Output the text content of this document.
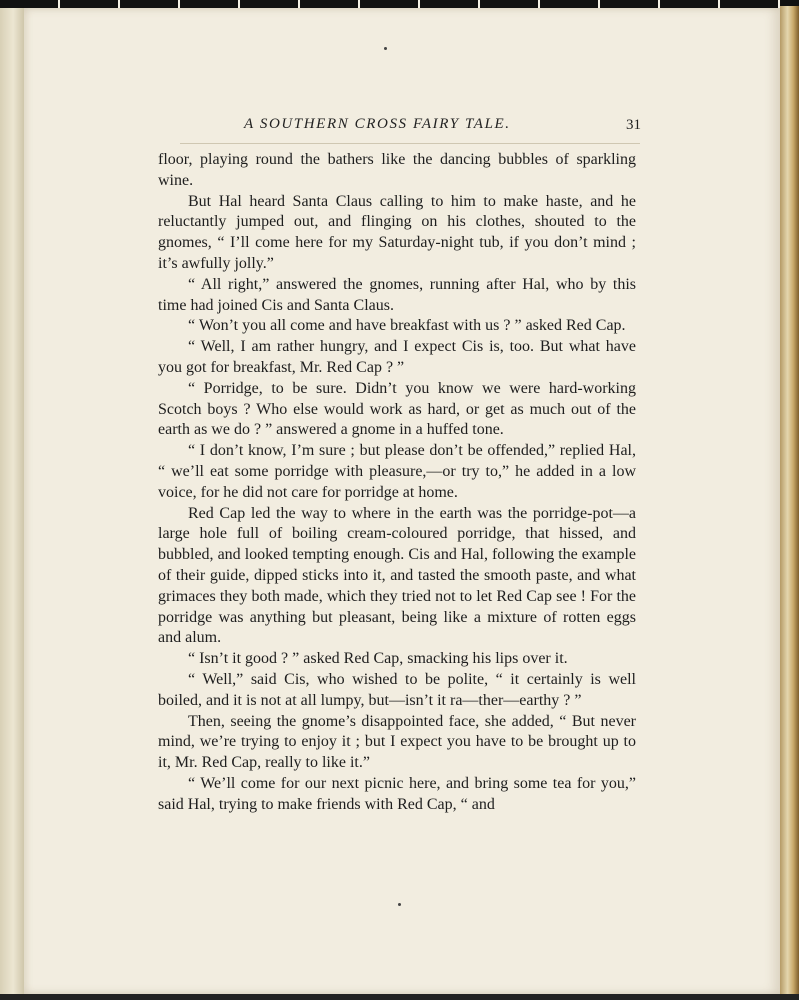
A SOUTHERN CROSS FAIRY TALE.	31

floor, playing round the bathers like the dancing bubbles of sparkling wine.

But Hal heard Santa Claus calling to him to make haste, and he reluctantly jumped out, and flinging on his clothes, shouted to the gnomes, “ I’ll come here for my Saturday-night tub, if you don’t mind ; it’s awfully jolly.”

“ All right,” answered the gnomes, running after Hal, who by this time had joined Cis and Santa Claus.

“ Won’t you all come and have breakfast with us ? ” asked Red Cap.

“ Well, I am rather hungry, and I expect Cis is, too. But what have you got for breakfast, Mr. Red Cap ? ”

“ Porridge, to be sure. Didn’t you know we were hard-working Scotch boys ? Who else would work as hard, or get as much out of the earth as we do ? ” answered a gnome in a huffed tone.

“ I don’t know, I’m sure ; but please don’t be offended,” replied Hal, “ we’ll eat some porridge with pleasure,—or try to,” he added in a low voice, for he did not care for porridge at home.

Red Cap led the way to where in the earth was the porridge-pot—a large hole full of boiling cream-coloured porridge, that hissed, and bubbled, and looked tempting enough. Cis and Hal, following the example of their guide, dipped sticks into it, and tasted the smooth paste, and what grimaces they both made, which they tried not to let Red Cap see ! For the porridge was anything but pleasant, being like a mixture of rotten eggs and alum.

“ Isn’t it good ? ” asked Red Cap, smacking his lips over it.

“ Well,” said Cis, who wished to be polite, “ it certainly is well boiled, and it is not at all lumpy, but—isn’t it ra—ther—earthy ? ”

Then, seeing the gnome’s disappointed face, she added, “ But never mind, we’re trying to enjoy it ; but I expect you have to be brought up to it, Mr. Red Cap, really to like it.”

“ We’ll come for our next picnic here, and bring some tea for you,” said Hal, trying to make friends with Red Cap, “ and
